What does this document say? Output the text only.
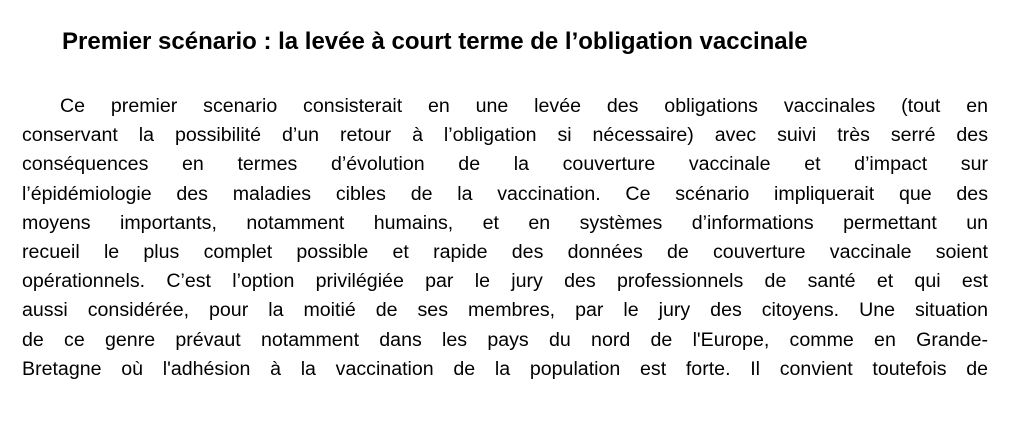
Premier scénario : la levée à court terme de l’obligation vaccinale
Ce premier scenario consisterait en une levée des obligations vaccinales (tout en
conservant la possibilité d’un retour à l’obligation si nécessaire) avec suivi très serré des
conséquences en termes d’évolution de la couverture vaccinale et d’impact sur
l’épidémiologie des maladies cibles de la vaccination. Ce scénario impliquerait que des
moyens importants, notamment humains, et en systèmes d’informations permettant un
recueil le plus complet possible et rapide des données de couverture vaccinale soient
opérationnels. C’est l’option privilégiée par le jury des professionnels de santé et qui est
aussi considérée, pour la moitié de ses membres, par le jury des citoyens. Une situation
de ce genre prévaut notamment dans les pays du nord de l'Europe, comme en Grande-
Bretagne où l'adhésion à la vaccination de la population est forte. Il convient toutefois de
